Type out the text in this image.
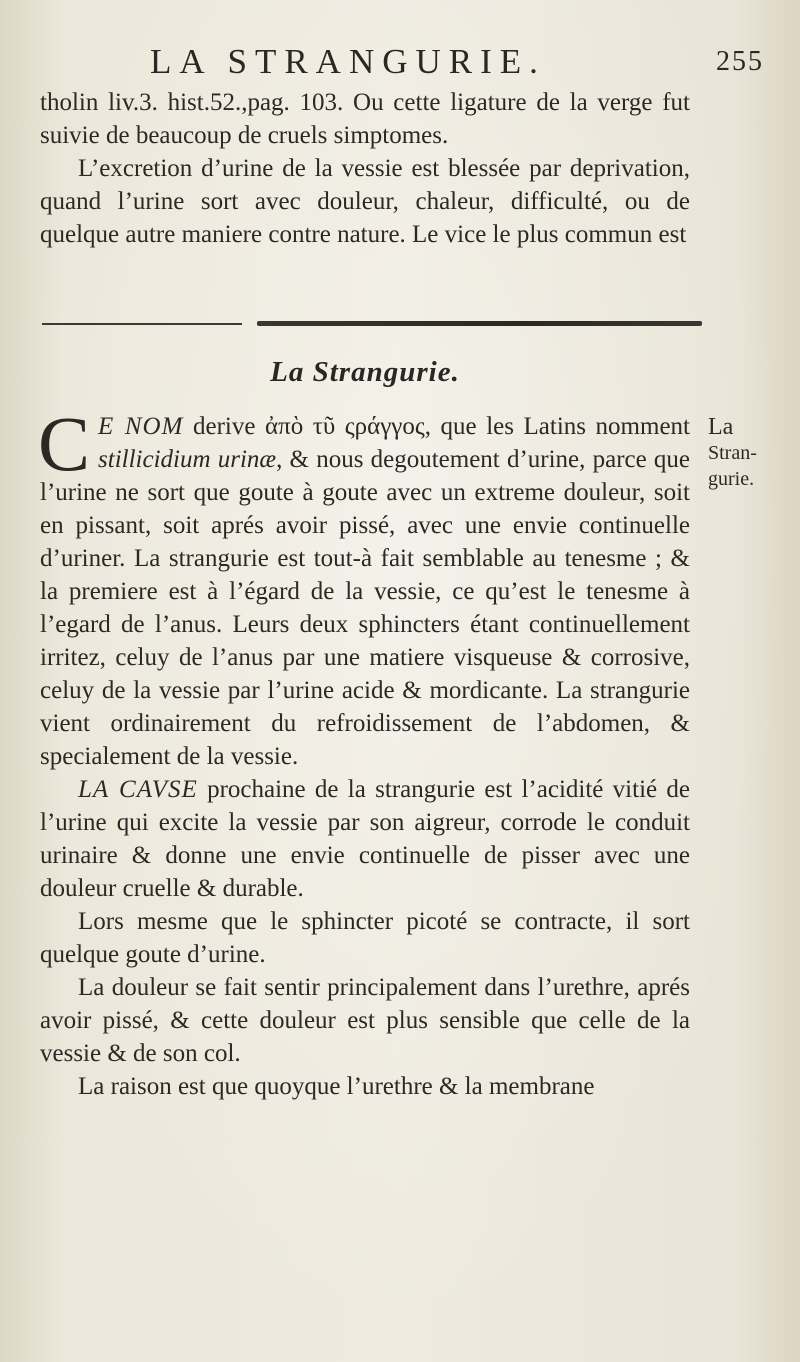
LA STRANGURIE.	255

tholin liv.3. hist.52.,pag. 103. Ou cette ligature de la verge fut suivie de beaucoup de cruels simptomes.

L’excretion d’urine de la vessie est blessée par deprivation, quand l’urine sort avec douleur, chaleur, difficulté, ou de quelque autre maniere contre nature. Le vice le plus commun est

La Strangurie.
La
Stran-
gurie.

C E NOM derive ἀπὸ τῦ ςράγγος, que les Latins nomment stillicidium urinæ, & nous degoutement d’urine, parce que l’urine ne sort que goute à goute avec un extreme douleur, soit en pissant, soit aprés avoir pissé, avec une envie continuelle d’uriner. La strangurie est tout-à fait semblable au tenesme ; & la premiere est à l’égard de la vessie, ce qu’est le tenesme à l’egard de l’anus. Leurs deux sphincters étant continuellement irritez, celuy de l’anus par une matiere visqueuse & corrosive, celuy de la vessie par l’urine acide & mordicante. La strangurie vient ordinairement du refroidissement de l’abdomen, & specialement de la vessie.

LA CAVSE prochaine de la strangurie est l’acidité vitié de l’urine qui excite la vessie par son aigreur, corrode le conduit urinaire & donne une envie continuelle de pisser avec une douleur cruelle & durable.

Lors mesme que le sphincter picoté se contracte, il sort quelque goute d’urine.

La douleur se fait sentir principalement dans l’urethre, aprés avoir pissé, & cette douleur est plus sensible que celle de la vessie & de son col.

La raison est que quoyque l’urethre & la membrane
